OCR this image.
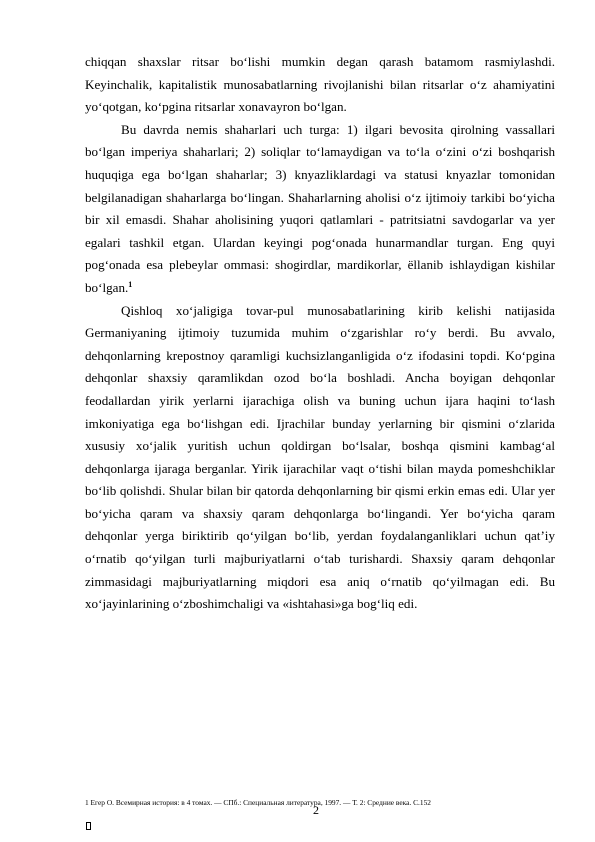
chiqqan shaxslar ritsar bo‘lishi mumkin degan qarash batamom rasmiylashdi. Keyinchalik, kapitalistik munosabatlarning rivojlanishi bilan ritsarlar o‘z ahamiyatini yo‘qotgan, ko‘pgina ritsarlar xonavayron bo‘lgan.

Bu davrda nemis shaharlari uch turga: 1) ilgari bevosita qirolning vassallari bo‘lgan imperiya shaharlari; 2) soliqlar to‘lamaydigan va to‘la o‘zini o‘zi boshqarish huquqiga ega bo‘lgan shaharlar; 3) knyazliklardagi va statusi knyazlar tomonidan belgilanadigan shaharlarga bo‘lingan. Shaharlarning aholisi o‘z ijtimoiy tarkibi bo‘yicha bir xil emasdi. Shahar aholisining yuqori qatlamlari - patritsiatni savdogarlar va yer egalari tashkil etgan. Ulardan keyingi pog‘onada hunarmandlar turgan. Eng quyi pog‘onada esa plebeylar ommasi: shogirdlar, mardikorlar, ёllanib ishlaydigan kishilar bo‘lgan.$^1$

Qishloq xo‘jaligiga tovar-pul munosabatlarining kirib kelishi natijasida Germaniyaning ijtimoiy tuzumida muhim o‘zgarishlar ro‘y berdi. Bu avvalo, dehqonlarning krepostnoy qaramligi kuchsizlanganligida o‘z ifodasini topdi. Ko‘pgina dehqonlar shaxsiy qaramlikdan ozod bo‘la boshladi. Ancha boyigan dehqonlar feodallardan yirik yerlarni ijarachiga olish va buning uchun ijara haqini to‘lash imkoniyatiga ega bo‘lishgan edi. Ijrachilar bunday yerlarning bir qismini o‘zlarida xususiy xo‘jalik yuritish uchun qoldirgan bo‘lsalar, boshqa qismini kambag‘al dehqonlarga ijaraga berganlar. Yirik ijarachilar vaqt o‘tishi bilan mayda pomeshchiklar bo‘lib qolishdi. Shular bilan bir qatorda dehqonlarning bir qismi erkin emas edi. Ular yer bo‘yicha qaram va shaxsiy qaram dehqonlarga bo‘lingandi. Yer bo‘yicha qaram dehqonlar yerga biriktirib qo‘yilgan bo‘lib, yerdan foydalanganliklari uchun qat’iy o‘rnatib qo‘yilgan turli majburiyatlarni o‘tab turishardi. Shaxsiy qaram dehqonlar zimmasidagi majburiyatlarning miqdori esa aniq o‘rnatib qo‘yilmagan edi. Bu xo‘jayinlarining o‘zboshimchaligi va «ishtahasi»ga bog‘liq edi.

1 Егер О. Всемирная история: в 4 томах. — СПб.: Специальная литература, 1997. — Т. 2: Средние века. С.152
2
